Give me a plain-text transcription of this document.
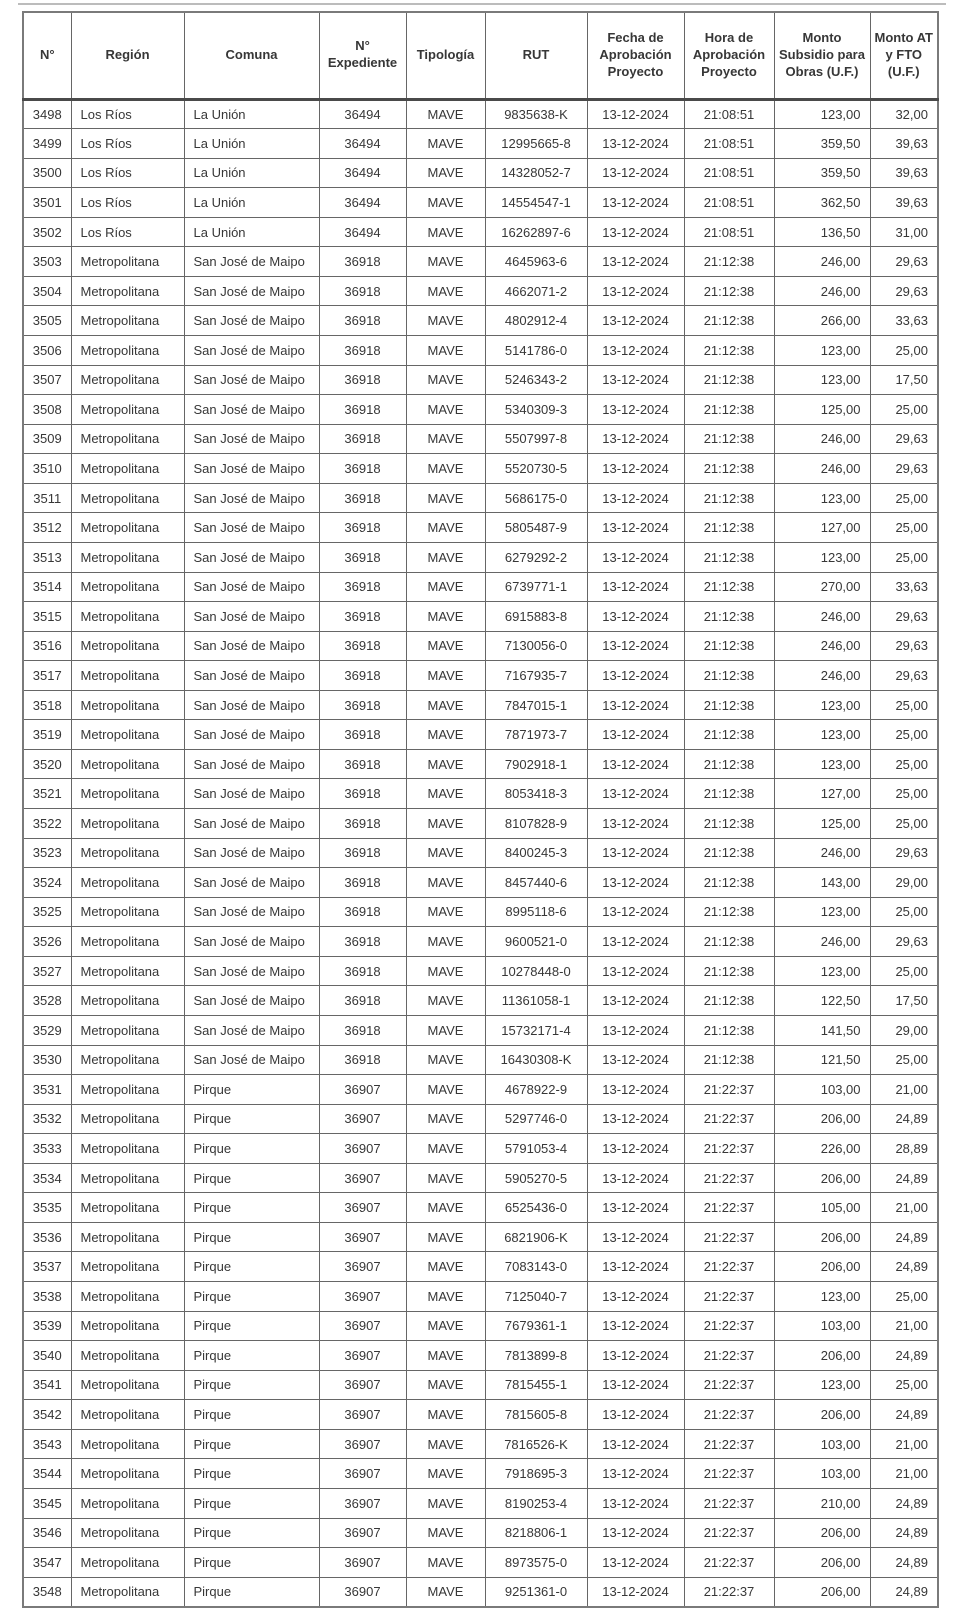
N°	Región	Comuna	N° Expediente	Tipología	RUT	Fecha de Aprobación Proyecto	Hora de Aprobación Proyecto	Monto Subsidio para Obras (U.F.)	Monto AT y FTO (U.F.)
3498	Los Ríos	La Unión	36494	MAVE	9835638-K	13-12-2024	21:08:51	123,00	32,00
3499	Los Ríos	La Unión	36494	MAVE	12995665-8	13-12-2024	21:08:51	359,50	39,63
3500	Los Ríos	La Unión	36494	MAVE	14328052-7	13-12-2024	21:08:51	359,50	39,63
3501	Los Ríos	La Unión	36494	MAVE	14554547-1	13-12-2024	21:08:51	362,50	39,63
3502	Los Ríos	La Unión	36494	MAVE	16262897-6	13-12-2024	21:08:51	136,50	31,00
3503	Metropolitana	San José de Maipo	36918	MAVE	4645963-6	13-12-2024	21:12:38	246,00	29,63
3504	Metropolitana	San José de Maipo	36918	MAVE	4662071-2	13-12-2024	21:12:38	246,00	29,63
3505	Metropolitana	San José de Maipo	36918	MAVE	4802912-4	13-12-2024	21:12:38	266,00	33,63
3506	Metropolitana	San José de Maipo	36918	MAVE	5141786-0	13-12-2024	21:12:38	123,00	25,00
3507	Metropolitana	San José de Maipo	36918	MAVE	5246343-2	13-12-2024	21:12:38	123,00	17,50
3508	Metropolitana	San José de Maipo	36918	MAVE	5340309-3	13-12-2024	21:12:38	125,00	25,00
3509	Metropolitana	San José de Maipo	36918	MAVE	5507997-8	13-12-2024	21:12:38	246,00	29,63
3510	Metropolitana	San José de Maipo	36918	MAVE	5520730-5	13-12-2024	21:12:38	246,00	29,63
3511	Metropolitana	San José de Maipo	36918	MAVE	5686175-0	13-12-2024	21:12:38	123,00	25,00
3512	Metropolitana	San José de Maipo	36918	MAVE	5805487-9	13-12-2024	21:12:38	127,00	25,00
3513	Metropolitana	San José de Maipo	36918	MAVE	6279292-2	13-12-2024	21:12:38	123,00	25,00
3514	Metropolitana	San José de Maipo	36918	MAVE	6739771-1	13-12-2024	21:12:38	270,00	33,63
3515	Metropolitana	San José de Maipo	36918	MAVE	6915883-8	13-12-2024	21:12:38	246,00	29,63
3516	Metropolitana	San José de Maipo	36918	MAVE	7130056-0	13-12-2024	21:12:38	246,00	29,63
3517	Metropolitana	San José de Maipo	36918	MAVE	7167935-7	13-12-2024	21:12:38	246,00	29,63
3518	Metropolitana	San José de Maipo	36918	MAVE	7847015-1	13-12-2024	21:12:38	123,00	25,00
3519	Metropolitana	San José de Maipo	36918	MAVE	7871973-7	13-12-2024	21:12:38	123,00	25,00
3520	Metropolitana	San José de Maipo	36918	MAVE	7902918-1	13-12-2024	21:12:38	123,00	25,00
3521	Metropolitana	San José de Maipo	36918	MAVE	8053418-3	13-12-2024	21:12:38	127,00	25,00
3522	Metropolitana	San José de Maipo	36918	MAVE	8107828-9	13-12-2024	21:12:38	125,00	25,00
3523	Metropolitana	San José de Maipo	36918	MAVE	8400245-3	13-12-2024	21:12:38	246,00	29,63
3524	Metropolitana	San José de Maipo	36918	MAVE	8457440-6	13-12-2024	21:12:38	143,00	29,00
3525	Metropolitana	San José de Maipo	36918	MAVE	8995118-6	13-12-2024	21:12:38	123,00	25,00
3526	Metropolitana	San José de Maipo	36918	MAVE	9600521-0	13-12-2024	21:12:38	246,00	29,63
3527	Metropolitana	San José de Maipo	36918	MAVE	10278448-0	13-12-2024	21:12:38	123,00	25,00
3528	Metropolitana	San José de Maipo	36918	MAVE	11361058-1	13-12-2024	21:12:38	122,50	17,50
3529	Metropolitana	San José de Maipo	36918	MAVE	15732171-4	13-12-2024	21:12:38	141,50	29,00
3530	Metropolitana	San José de Maipo	36918	MAVE	16430308-K	13-12-2024	21:12:38	121,50	25,00
3531	Metropolitana	Pirque	36907	MAVE	4678922-9	13-12-2024	21:22:37	103,00	21,00
3532	Metropolitana	Pirque	36907	MAVE	5297746-0	13-12-2024	21:22:37	206,00	24,89
3533	Metropolitana	Pirque	36907	MAVE	5791053-4	13-12-2024	21:22:37	226,00	28,89
3534	Metropolitana	Pirque	36907	MAVE	5905270-5	13-12-2024	21:22:37	206,00	24,89
3535	Metropolitana	Pirque	36907	MAVE	6525436-0	13-12-2024	21:22:37	105,00	21,00
3536	Metropolitana	Pirque	36907	MAVE	6821906-K	13-12-2024	21:22:37	206,00	24,89
3537	Metropolitana	Pirque	36907	MAVE	7083143-0	13-12-2024	21:22:37	206,00	24,89
3538	Metropolitana	Pirque	36907	MAVE	7125040-7	13-12-2024	21:22:37	123,00	25,00
3539	Metropolitana	Pirque	36907	MAVE	7679361-1	13-12-2024	21:22:37	103,00	21,00
3540	Metropolitana	Pirque	36907	MAVE	7813899-8	13-12-2024	21:22:37	206,00	24,89
3541	Metropolitana	Pirque	36907	MAVE	7815455-1	13-12-2024	21:22:37	123,00	25,00
3542	Metropolitana	Pirque	36907	MAVE	7815605-8	13-12-2024	21:22:37	206,00	24,89
3543	Metropolitana	Pirque	36907	MAVE	7816526-K	13-12-2024	21:22:37	103,00	21,00
3544	Metropolitana	Pirque	36907	MAVE	7918695-3	13-12-2024	21:22:37	103,00	21,00
3545	Metropolitana	Pirque	36907	MAVE	8190253-4	13-12-2024	21:22:37	210,00	24,89
3546	Metropolitana	Pirque	36907	MAVE	8218806-1	13-12-2024	21:22:37	206,00	24,89
3547	Metropolitana	Pirque	36907	MAVE	8973575-0	13-12-2024	21:22:37	206,00	24,89
3548	Metropolitana	Pirque	36907	MAVE	9251361-0	13-12-2024	21:22:37	206,00	24,89
